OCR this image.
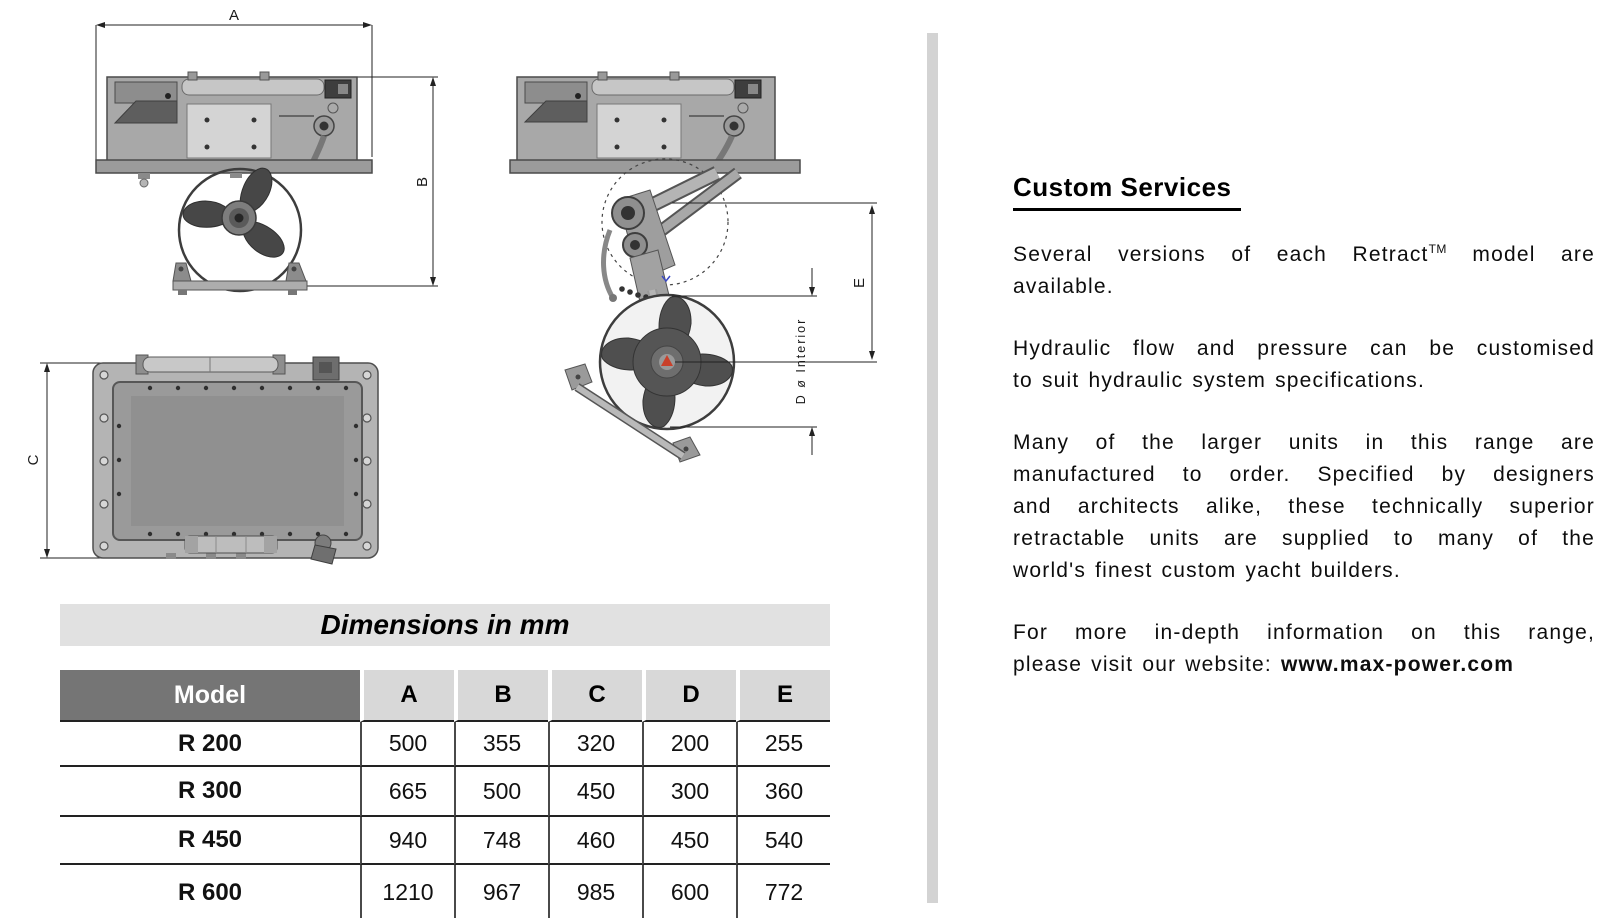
A
B
E
D ø Interior
C
Dimensions in mm
Model	A	B	C	D	E
R 200	500	355	320	200	255
R 300	665	500	450	300	360
R 450	940	748	460	450	540
R 600	1210	967	985	600	772
Custom Services

Several versions of each Retract™ model are

available.

Hydraulic flow and pressure can be customised

to suit hydraulic system specifications.

Many of the larger units in this range are

manufactured to order. Specified by designers

and architects alike, these technically superior

retractable units are supplied to many of the

world's finest custom yacht builders.

For more in-depth information on this range,

please visit our website: www.max-power.com
